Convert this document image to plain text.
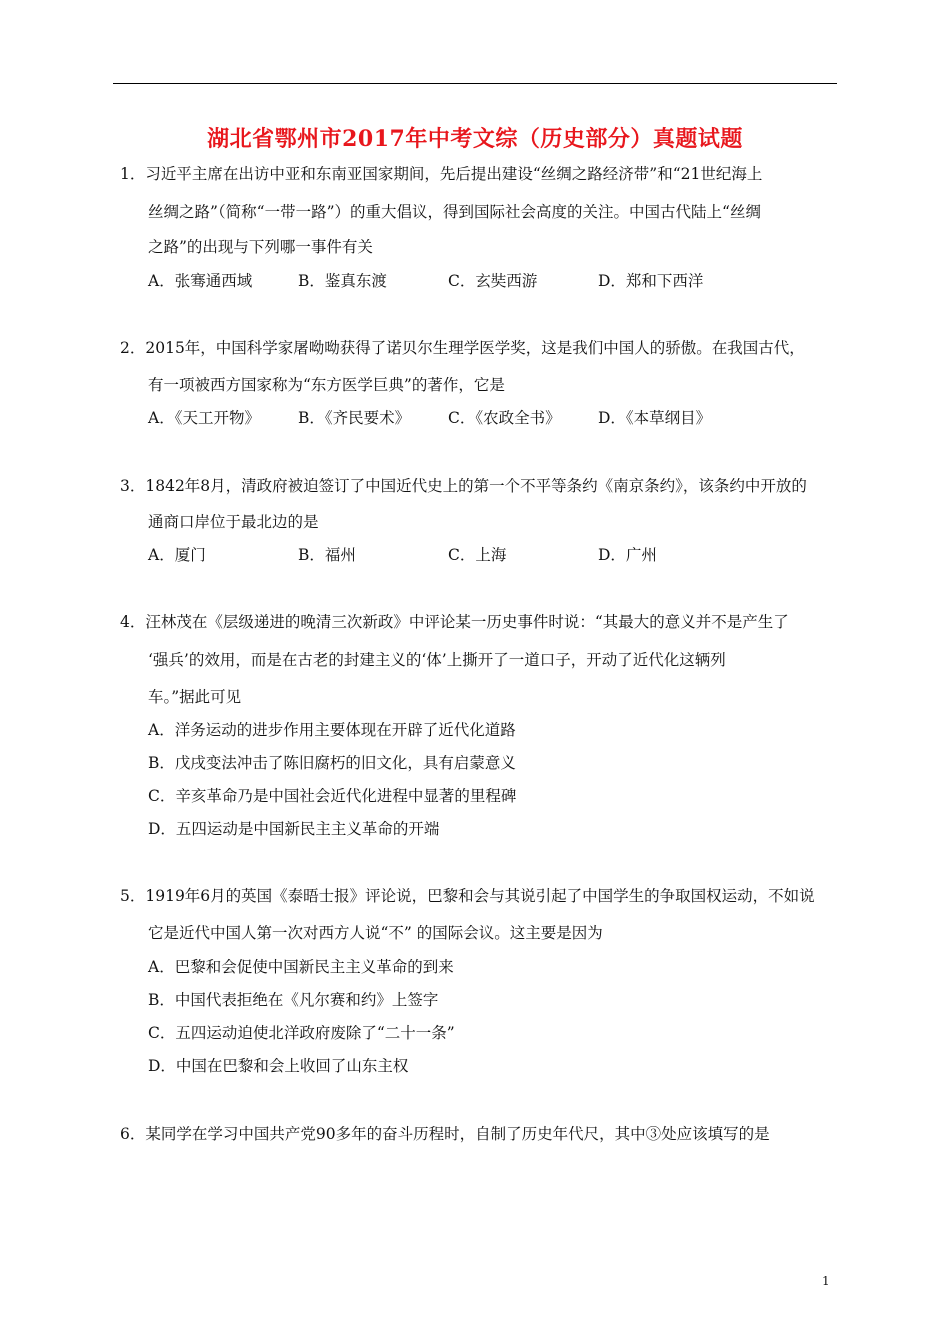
湖北省鄂州市2017年中考文综（历史部分）真题试题
1．习近平主席在出访中亚和东南亚国家期间，先后提出建设“丝绸之路经济带”和“21世纪海上
丝绸之路”（简称“一带一路”）的重大倡议，得到国际社会高度的关注。中国古代陆上“丝绸
之路”的出现与下列哪一事件有关
A．张骞通西域	B．鉴真东渡	C．玄奘西游	D．郑和下西洋
2．2015年，中国科学家屠呦呦获得了诺贝尔生理学医学奖，这是我们中国人的骄傲。在我国古代，
有一项被西方国家称为“东方医学巨典”的著作，它是
A．《天工开物》 B．《齐民要术》 C．《农政全书》 D．《本草纲目》
3．1842年8月，清政府被迫签订了中国近代史上的第一个不平等条约《南京条约》，该条约中开放的
通商口岸位于最北边的是
A．厦门	B．福州	C．上海	D．广州
4．汪林茂在《层级递进的晚清三次新政》中评论某一历史事件时说：“其最大的意义并不是产生了
‘强兵’的效用，而是在古老的封建主义的‘体’上撕开了一道口子，开动了近代化这辆列
车。”据此可见
A．洋务运动的进步作用主要体现在开辟了近代化道路
B．戊戌变法冲击了陈旧腐朽的旧文化，具有启蒙意义
C．辛亥革命乃是中国社会近代化进程中显著的里程碑
D．五四运动是中国新民主主义革命的开端
5．1919年6月的英国《泰晤士报》评论说，巴黎和会与其说引起了中国学生的争取国权运动，不如说
它是近代中国人第一次对西方人说“不” 的国际会议。这主要是因为
A．巴黎和会促使中国新民主主义革命的到来
B．中国代表拒绝在《凡尔赛和约》上签字
C．五四运动迫使北洋政府废除了“二十一条”
D．中国在巴黎和会上收回了山东主权
6．某同学在学习中国共产党90多年的奋斗历程时，自制了历史年代尺，其中③处应该填写的是
1
